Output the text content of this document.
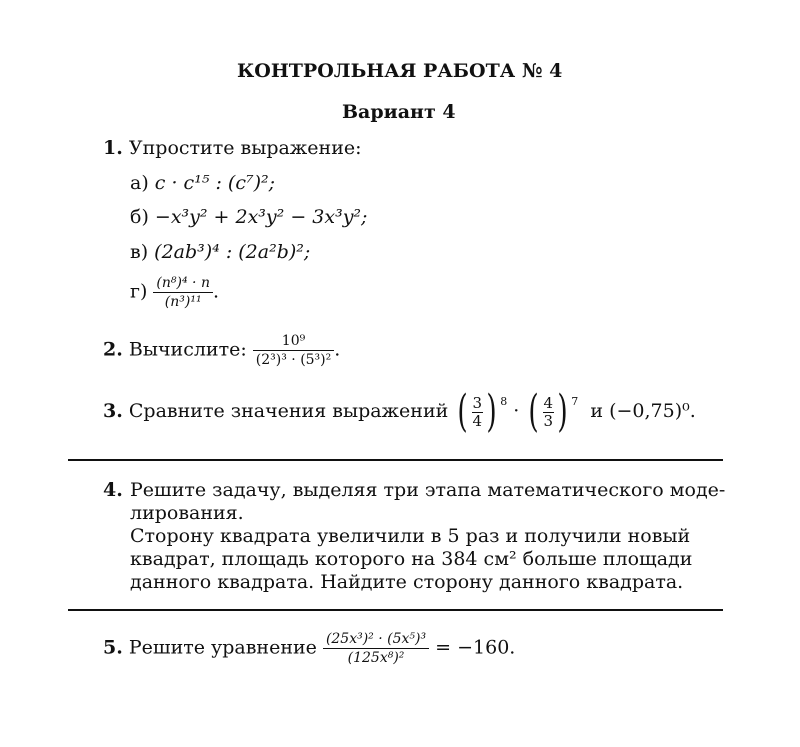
КОНТРОЛЬНАЯ РАБОТА № 4
Вариант 4
1. Упростите выражение:
а) c · c¹⁵ : (c⁷)²;
б) −x³y² + 2x³y² − 3x³y²;
в) (2ab³)⁴ : (2a²b)²;
$г) \frac{\text{(n⁸)⁴ · n}}{\text{(n³)¹¹}}$ .
2. Вычислите: $\frac{\text{10⁹}}{\text{(2³)³ · (5³)²}}$ .
3. Сравните значения выражений ( $\frac{3}{4}$ ) $^8$ · ( $\frac{4}{3}$ ) $^7$ и (−0,75)⁰.
4. Решите задачу, выделяя три этапа математического моде-
лирования.
Сторону квадрата увеличили в 5 раз и получили новый
квадрат, площадь которого на 384 см² больше площади
данного квадрата. Найдите сторону данного квадрата.
5. Решите уравнение $\frac{\text{(25x³)² · (5x⁵)³}}{\text{(125x⁸)²}} = -160$.
